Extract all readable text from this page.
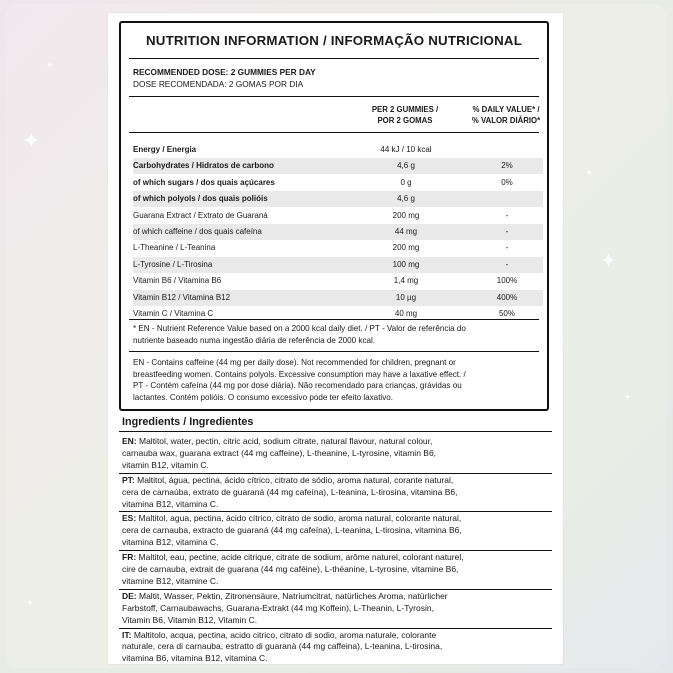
✦
✦
✦
✦
✦
✦
NUTRITION INFORMATION / INFORMAÇÃO NUTRICIONAL
RECOMMENDED DOSE: 2 GUMMIES PER DAY
DOSE RECOMENDADA: 2 GOMAS POR DIA
PER 2 GUMMIES /
POR 2 GOMAS
% DAILY VALUE* /
% VALOR DIÁRIO*
Energy / Energia	44 kJ / 10 kcal
Carbohydrates / Hidratos de carbono	4,6 g	2%
of which sugars / dos quais açúcares	0 g	0%
of which polyols / dos quais polióis	4,6 g
Guarana Extract / Extrato de Guaraná	200 mg	-
of which caffeine / dos quais cafeína	44 mg	-
L-Theanine / L-Teanina	200 mg	-
L-Tyrosine / L-Tirosina	100 mg	-
Vitamin B6 / Vitamina B6	1,4 mg	100%
Vitamin B12 / Vitamina B12	10 µg	400%
Vitamin C / Vitamina C	40 mg	50%
* EN - Nutrient Reference Value based on a 2000 kcal daily diet. / PT - Valor de referência do
nutriente baseado numa ingestão diária de referência de 2000 kcal.
EN - Contains caffeine (44 mg per daily dose). Not recommended for children, pregnant or
breastfeeding women. Contains polyols. Excessive consumption may have a laxative effect. /
PT - Contém cafeína (44 mg por dose diária). Não recomendado para crianças, grávidas ou
lactantes. Contém polióis. O consumo excessivo pode ter efeito laxativo.
Ingredients / Ingredientes
EN: Maltitol, water, pectin, citric acid, sodium citrate, natural flavour, natural colour,
carnauba wax, guarana extract (44 mg caffeine), L-theanine, L-tyrosine, vitamin B6,
vitamin B12, vitamin C.
PT: Maltitol, água, pectina, ácido cítrico, citrato de sódio, aroma natural, corante natural,
cera de carnaúba, extrato de guaraná (44 mg cafeína), L-teanina, L-tirosina, vitamina B6,
vitamina B12, vitamina C.
ES: Maltitol, agua, pectina, ácido cítrico, citrato de sodio, aroma natural, colorante natural,
cera de carnauba, extracto de guaraná (44 mg cafeína), L-teanina, L-tirosina, vitamina B6,
vitamina B12, vitamina C.
FR: Maltitol, eau, pectine, acide citrique, citrate de sodium, arôme naturel, colorant naturel,
cire de carnauba, extrait de guarana (44 mg caféine), L-théanine, L-tyrosine, vitamine B6,
vitamine B12, vitamine C.
DE: Maltit, Wasser, Pektin, Zitronensäure, Natriumcitrat, natürliches Aroma, natürlicher
Farbstoff, Carnaubawachs, Guarana-Extrakt (44 mg Koffein), L-Theanin, L-Tyrosin,
Vitamin B6, Vitamin B12, Vitamin C.
IT: Maltitolo, acqua, pectina, acido citrico, citrato di sodio, aroma naturale, colorante
naturale, cera di carnauba, estratto di guaranà (44 mg caffeina), L-teanina, L-tirosina,
vitamina B6, vitamina B12, vitamina C.
